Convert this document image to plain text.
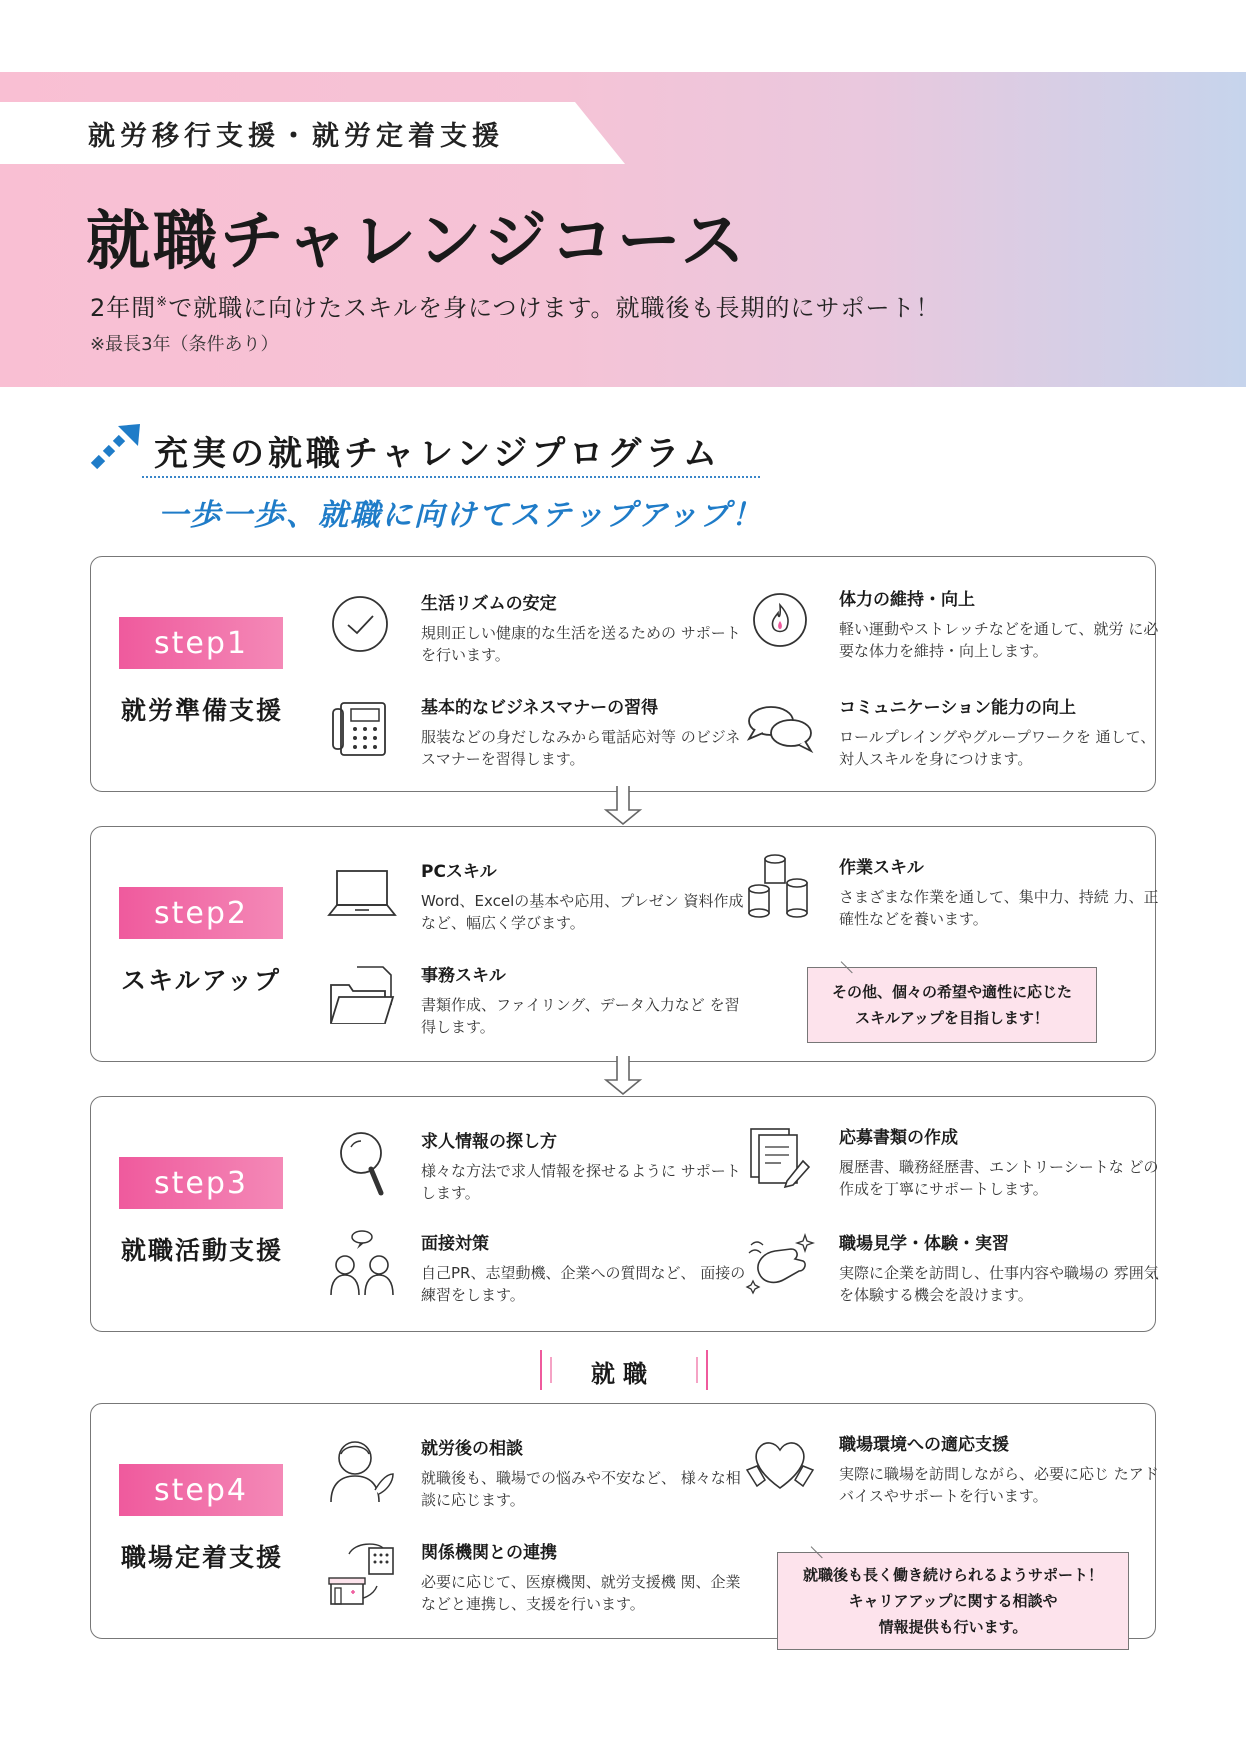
就労移行支援・就労定着支援
就職チャレンジコース
2年間※で就職に向けたスキルを身につけます。就職後も長期的にサポート！
※最長3年（条件あり）
充実の就職チャレンジプログラム
一歩一歩、就職に向けてステップアップ！
step1
就労準備支援
生活リズムの安定
規則正しい健康的な生活を送るための サポートを行います。
体力の維持・向上
軽い運動やストレッチなどを通して、就労 に必要な体力を維持・向上します。
基本的なビジネスマナーの習得
服装などの身だしなみから電話応対等 のビジネスマナーを習得します。
コミュニケーション能力の向上
ロールプレイングやグループワークを 通して、対人スキルを身につけます。
step2
スキルアップ
PCスキル
Word、Excelの基本や応用、プレゼン 資料作成など、幅広く学びます。
作業スキル
さまざまな作業を通して、集中力、持続 力、正確性などを養います。
事務スキル
書類作成、ファイリング、データ入力など を習得します。
その他、個々の希望や適性に応じた
スキルアップを目指します！
step3
就職活動支援
求人情報の探し方
様々な方法で求人情報を探せるように サポートします。
応募書類の作成
履歴書、職務経歴書、エントリーシートな どの作成を丁寧にサポートします。
面接対策
自己PR、志望動機、企業への質問など、 面接の練習をします。
職場見学・体験・実習
実際に企業を訪問し、仕事内容や職場の 雰囲気を体験する機会を設けます。
就職
step4
職場定着支援
就労後の相談
就職後も、職場での悩みや不安など、 様々な相談に応じます。
職場環境への適応支援
実際に職場を訪問しながら、必要に応じ たアドバイスやサポートを行います。
関係機関との連携
必要に応じて、医療機関、就労支援機 関、企業などと連携し、支援を行います。
就職後も長く働き続けられるようサポート！
キャリアアップに関する相談や
情報提供も行います。
